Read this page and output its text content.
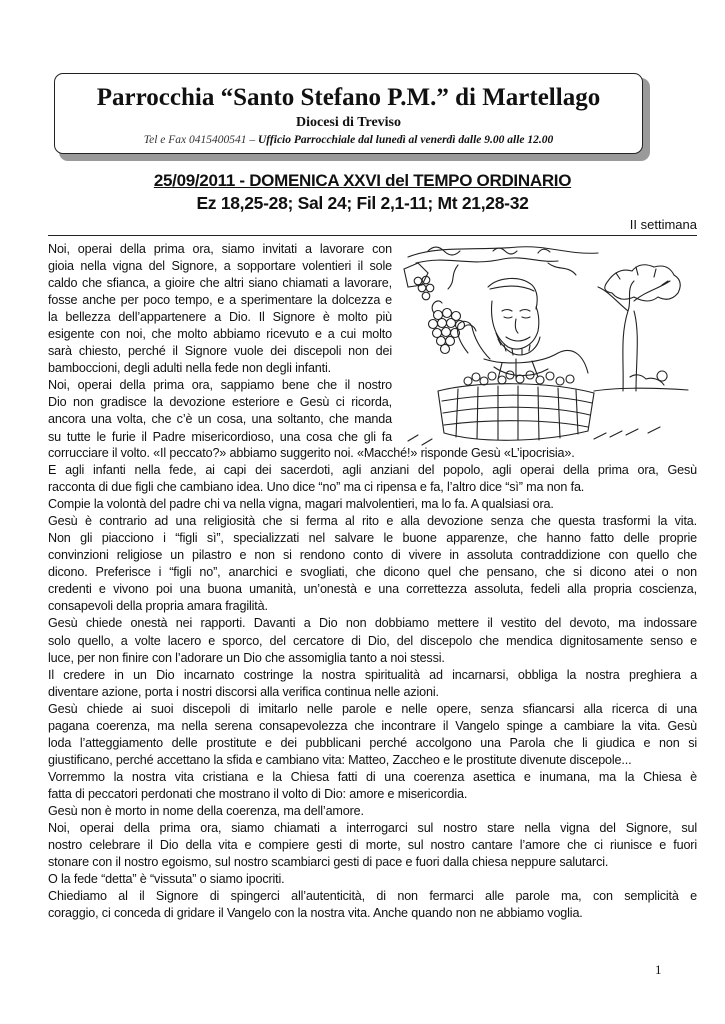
Parrocchia “Santo Stefano P.M.” di Martellago
Diocesi di Treviso
Tel e Fax 0415400541 – Ufficio Parrocchiale dal lunedì al venerdì dalle 9.00 alle 12.00
25/09/2011 - DOMENICA XXVI del TEMPO ORDINARIO
Ez 18,25-28; Sal 24; Fil 2,1-11; Mt 21,28-32
II settimana
Noi, operai della prima ora, siamo invitati a lavorare con
gioia nella vigna del Signore, a sopportare volentieri il sole
caldo che sfianca, a gioire che altri siano chiamati a lavorare,
fosse anche per poco tempo, e a sperimentare la dolcezza e
la bellezza dell’appartenere a Dio. Il Signore è molto più
esigente con noi, che molto abbiamo ricevuto e a cui molto
sarà chiesto, perché il Signore vuole dei discepoli non dei
bamboccioni, degli adulti nella fede non degli infanti.
Noi, operai della prima ora, sappiamo bene che il nostro
Dio non gradisce la devozione esteriore e Gesù ci ricorda,
ancora una volta, che c’è un cosa, una soltanto, che manda
su tutte le furie il Padre misericordioso, una cosa che gli fa
corrucciare il volto. «Il peccato?» abbiamo suggerito noi. «Macché!» risponde Gesù «L’ipocrisia».
E agli infanti nella fede, ai capi dei sacerdoti, agli anziani del popolo, agli operai della prima ora, Gesù
racconta di due figli che cambiano idea. Uno dice “no” ma ci ripensa e fa, l’altro dice “sì” ma non fa.
Compie la volontà del padre chi va nella vigna, magari malvolentieri, ma lo fa. A qualsiasi ora.
Gesù è contrario ad una religiosità che si ferma al rito e alla devozione senza che questa trasformi la vita.
Non gli piacciono i “figli sì”, specializzati nel salvare le buone apparenze, che hanno fatto delle proprie
convinzioni religiose un pilastro e non si rendono conto di vivere in assoluta contraddizione con quello che
dicono. Preferisce i “figli no”, anarchici e svogliati, che dicono quel che pensano, che si dicono atei o non
credenti e vivono poi una buona umanità, un’onestà e una correttezza assoluta, fedeli alla propria coscienza,
consapevoli della propria amara fragilità.
Gesù chiede onestà nei rapporti. Davanti a Dio non dobbiamo mettere il vestito del devoto, ma indossare
solo quello, a volte lacero e sporco, del cercatore di Dio, del discepolo che mendica dignitosamente senso e
luce, per non finire con l’adorare un Dio che assomiglia tanto a noi stessi.
Il credere in un Dio incarnato costringe la nostra spiritualità ad incarnarsi, obbliga la nostra preghiera a
diventare azione, porta i nostri discorsi alla verifica continua nelle azioni.
Gesù chiede ai suoi discepoli di imitarlo nelle parole e nelle opere, senza sfiancarsi alla ricerca di una
pagana coerenza, ma nella serena consapevolezza che incontrare il Vangelo spinge a cambiare la vita. Gesù
loda l’atteggiamento delle prostitute e dei pubblicani perché accolgono una Parola che li giudica e non si
giustificano, perché accettano la sfida e cambiano vita: Matteo, Zaccheo e le prostitute divenute discepole...
Vorremmo la nostra vita cristiana e la Chiesa fatti di una coerenza asettica e inumana, ma la Chiesa è
fatta di peccatori perdonati che mostrano il volto di Dio: amore e misericordia.
Gesù non è morto in nome della coerenza, ma dell’amore.
Noi, operai della prima ora, siamo chiamati a interrogarci sul nostro stare nella vigna del Signore, sul
nostro celebrare il Dio della vita e compiere gesti di morte, sul nostro cantare l’amore che ci riunisce e fuori
stonare con il nostro egoismo, sul nostro scambiarci gesti di pace e fuori dalla chiesa neppure salutarci.
O la fede “detta” è “vissuta” o siamo ipocriti.
Chiediamo al il Signore di spingerci all’autenticità, di non fermarci alle parole ma, con semplicità e
coraggio, ci conceda di gridare il Vangelo con la nostra vita. Anche quando non ne abbiamo voglia.
1
